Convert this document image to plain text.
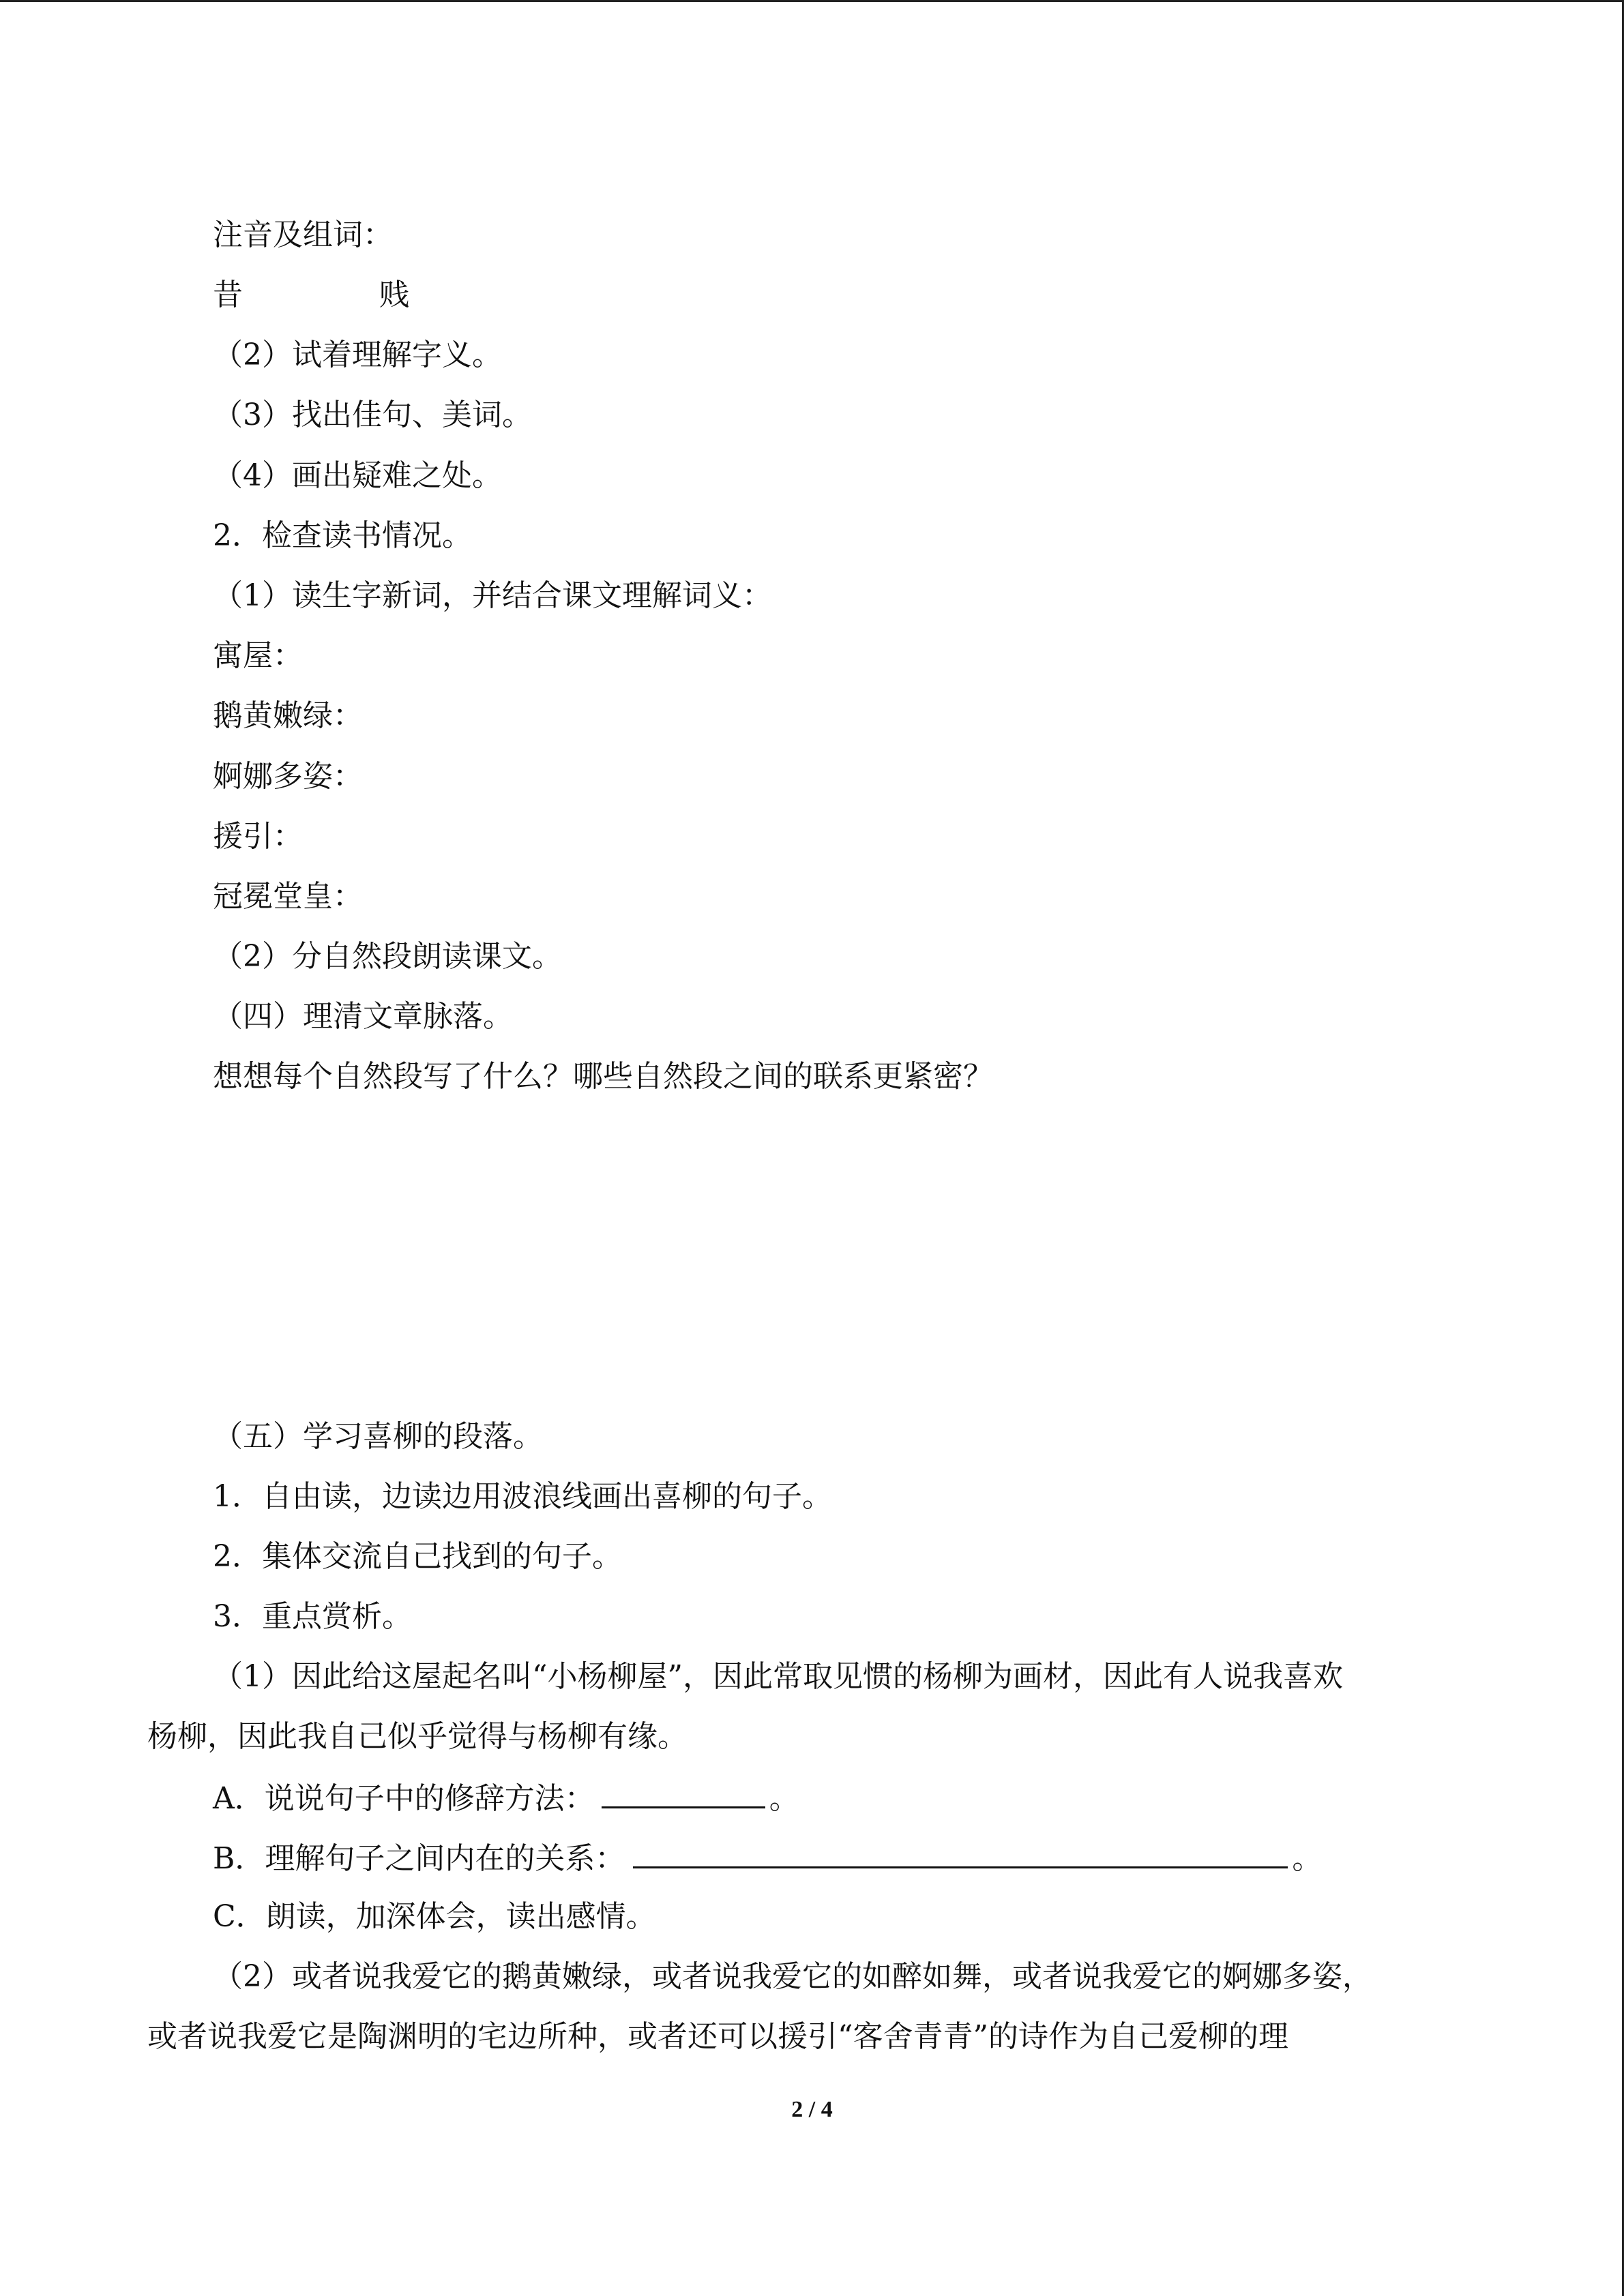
注音及组词：
昔	贱
（2）试着理解字义。
（3）找出佳句、美词。
（4）画出疑难之处。
2．检查读书情况。
（1）读生字新词，并结合课文理解词义：
寓屋：
鹅黄嫩绿：
婀娜多姿：
援引：
冠冕堂皇：
（2）分自然段朗读课文。
（四）理清文章脉落。
想想每个自然段写了什么？哪些自然段之间的联系更紧密？
（五）学习喜柳的段落。
1．自由读，边读边用波浪线画出喜柳的句子。
2．集体交流自己找到的句子。
3．重点赏析。
（1）因此给这屋起名叫“小杨柳屋”，因此常取见惯的杨柳为画材，因此有人说我喜欢
杨柳，因此我自己似乎觉得与杨柳有缘。
A．说说句子中的修辞方法：	。
B．理解句子之间内在的关系：	。
C．朗读，加深体会，读出感情。
（2）或者说我爱它的鹅黄嫩绿，或者说我爱它的如醉如舞，或者说我爱它的婀娜多姿，
或者说我爱它是陶渊明的宅边所种，或者还可以援引“客舍青青”的诗作为自己爱柳的理
2 / 4
